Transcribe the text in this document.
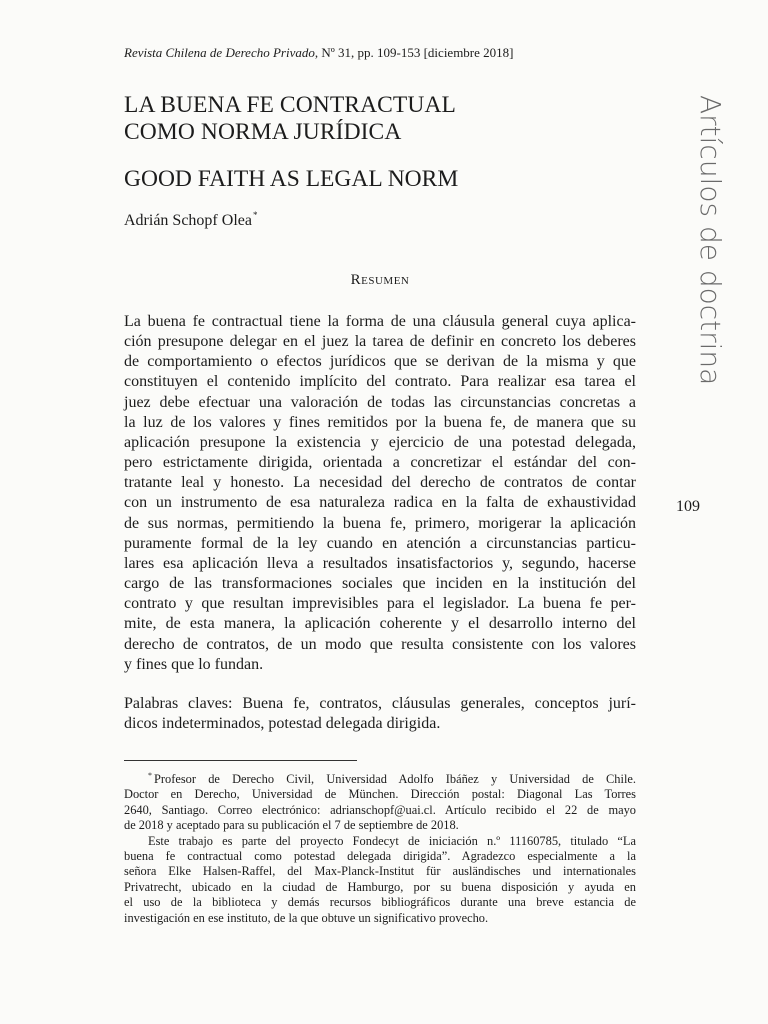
Revista Chilena de Derecho Privado, Nº 31, pp. 109-153 [diciembre 2018]
LA BUENA FE CONTRACTUAL
COMO NORMA JURÍDICA
GOOD FAITH AS LEGAL NORM
Adrián Schopf Olea*
Resumen

La buena fe contractual tiene la forma de una cláusula general cuya aplica-
ción presupone delegar en el juez la tarea de definir en concreto los deberes
de comportamiento o efectos jurídicos que se derivan de la misma y que
constituyen el contenido implícito del contrato. Para realizar esa tarea el
juez debe efectuar una valoración de todas las circunstancias concretas a
la luz de los valores y fines remitidos por la buena fe, de manera que su
aplicación presupone la existencia y ejercicio de una potestad delegada,
pero estrictamente dirigida, orientada a concretizar el estándar del con-
tratante leal y honesto. La necesidad del derecho de contratos de contar
con un instrumento de esa naturaleza radica en la falta de exhaustividad
de sus normas, permitiendo la buena fe, primero, morigerar la aplicación
puramente formal de la ley cuando en atención a circunstancias particu-
lares esa aplicación lleva a resultados insatisfactorios y, segundo, hacerse
cargo de las transformaciones sociales que inciden en la institución del
contrato y que resultan imprevisibles para el legislador. La buena fe per-
mite, de esta manera, la aplicación coherente y el desarrollo interno del
derecho de contratos, de un modo que resulta consistente con los valores
y fines que lo fundan.

Palabras claves: Buena fe, contratos, cláusulas generales, conceptos jurí-
dicos indeterminados, potestad delegada dirigida.

* Profesor de Derecho Civil, Universidad Adolfo Ibáñez y Universidad de Chile.
Doctor en Derecho, Universidad de München. Dirección postal: Diagonal Las Torres
2640, Santiago. Correo electrónico: adrianschopf@uai.cl. Artículo recibido el 22 de mayo
de 2018 y aceptado para su publicación el 7 de septiembre de 2018.
Este trabajo es parte del proyecto Fondecyt de iniciación n.º 11160785, titulado “La
buena fe contractual como potestad delegada dirigida”. Agradezco especialmente a la
señora Elke Halsen-Raffel, del Max-Planck-Institut für ausländisches und internationales
Privatrecht, ubicado en la ciudad de Hamburgo, por su buena disposición y ayuda en
el uso de la biblioteca y demás recursos bibliográficos durante una breve estancia de
investigación en ese instituto, de la que obtuve un significativo provecho.
Artículos de doctrina
109
